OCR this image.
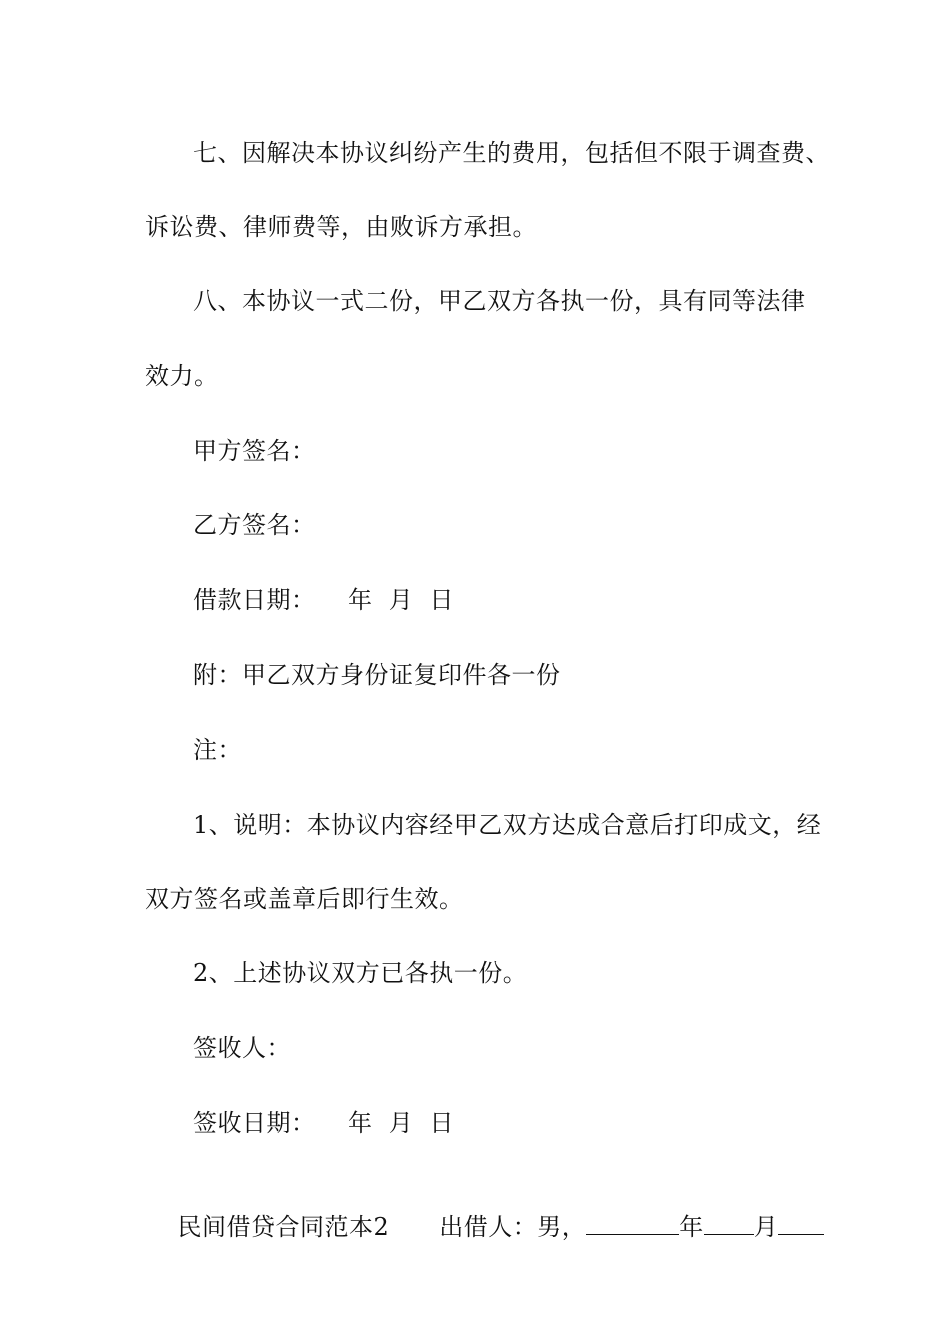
七、因解决本协议纠纷产生的费用，包括但不限于调查费、
诉讼费、律师费等，由败诉方承担。
八、本协议一式二份，甲乙双方各执一份，具有同等法律
效力。
甲方签名：
乙方签名：
借款日期：    年  月  日
附：甲乙双方身份证复印件各一份
注：
1、说明：本协议内容经甲乙双方达成合意后打印成文，经
双方签名或盖章后即行生效。
2、上述协议双方已各执一份。
签收人：
签收日期：    年  月  日

民间借贷合同范本2 出借人：男，	年 月
